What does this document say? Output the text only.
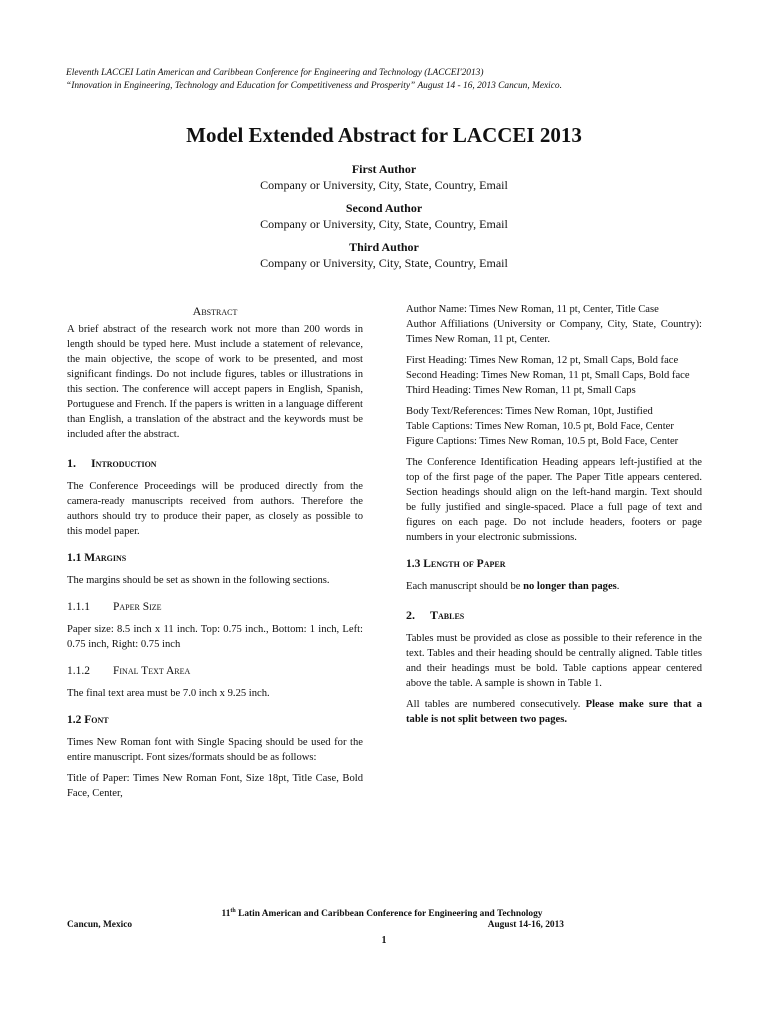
Eleventh LACCEI Latin American and Caribbean Conference for Engineering and Technology (LACCEI'2013)
“Innovation in Engineering, Technology and Education for Competitiveness and Prosperity” August 14 - 16, 2013 Cancun, Mexico.
Model Extended Abstract for LACCEI 2013
First Author
Company or University, City, State, Country, Email
Second Author
Company or University, City, State, Country, Email
Third Author
Company or University, City, State, Country, Email
Abstract

A brief abstract of the research work not more than 200 words in length should be typed here. Must include a statement of relevance, the main objective, the scope of work to be presented, and most significant findings. Do not include figures, tables or illustrations in this section. The conference will accept papers in English, Spanish, Portuguese and French. If the papers is written in a language different than English, a translation of the abstract and the keywords must be included after the abstract.

1. Introduction

The Conference Proceedings will be produced directly from the camera-ready manuscripts received from authors. Therefore the authors should try to produce their paper, as closely as possible to this model paper.

1.1 Margins

The margins should be set as shown in the following sections.

1.1.1 Paper Size

Paper size: 8.5 inch x 11 inch. Top: 0.75 inch., Bottom: 1 inch, Left: 0.75 inch, Right: 0.75 inch

1.1.2 Final Text Area

The final text area must be 7.0 inch x 9.25 inch.

1.2 Font

Times New Roman font with Single Spacing should be used for the entire manuscript. Font sizes/formats should be as follows:

Title of Paper: Times New Roman Font, Size 18pt, Title Case, Bold Face, Center,

Author Name: Times New Roman, 11 pt, Center, Title Case

Author Affiliations (University or Company, City, State, Country): Times New Roman, 11 pt, Center.

First Heading: Times New Roman, 12 pt, Small Caps, Bold face

Second Heading: Times New Roman, 11 pt, Small Caps, Bold face

Third Heading: Times New Roman, 11 pt, Small Caps

Body Text/References: Times New Roman, 10pt, Justified

Table Captions: Times New Roman, 10.5 pt, Bold Face, Center

Figure Captions: Times New Roman, 10.5 pt, Bold Face, Center

The Conference Identification Heading appears left-justified at the top of the first page of the paper. The Paper Title appears centered. Section headings should align on the left-hand margin. Text should be fully justified and single-spaced. Place a full page of text and figures on each page. Do not include headers, footers or page numbers in your electronic submissions.

1.3 Length of Paper

Each manuscript should be no longer than pages.

2. Tables

Tables must be provided as close as possible to their reference in the text. Tables and their heading should be centrally aligned. Table titles and their headings must be bold. Table captions appear centered above the table. A sample is shown in Table 1.

All tables are numbered consecutively. Please make sure that a table is not split between two pages.

11th Latin American and Caribbean Conference for Engineering and Technology
Cancun, Mexico	August 14-16, 2013
1
